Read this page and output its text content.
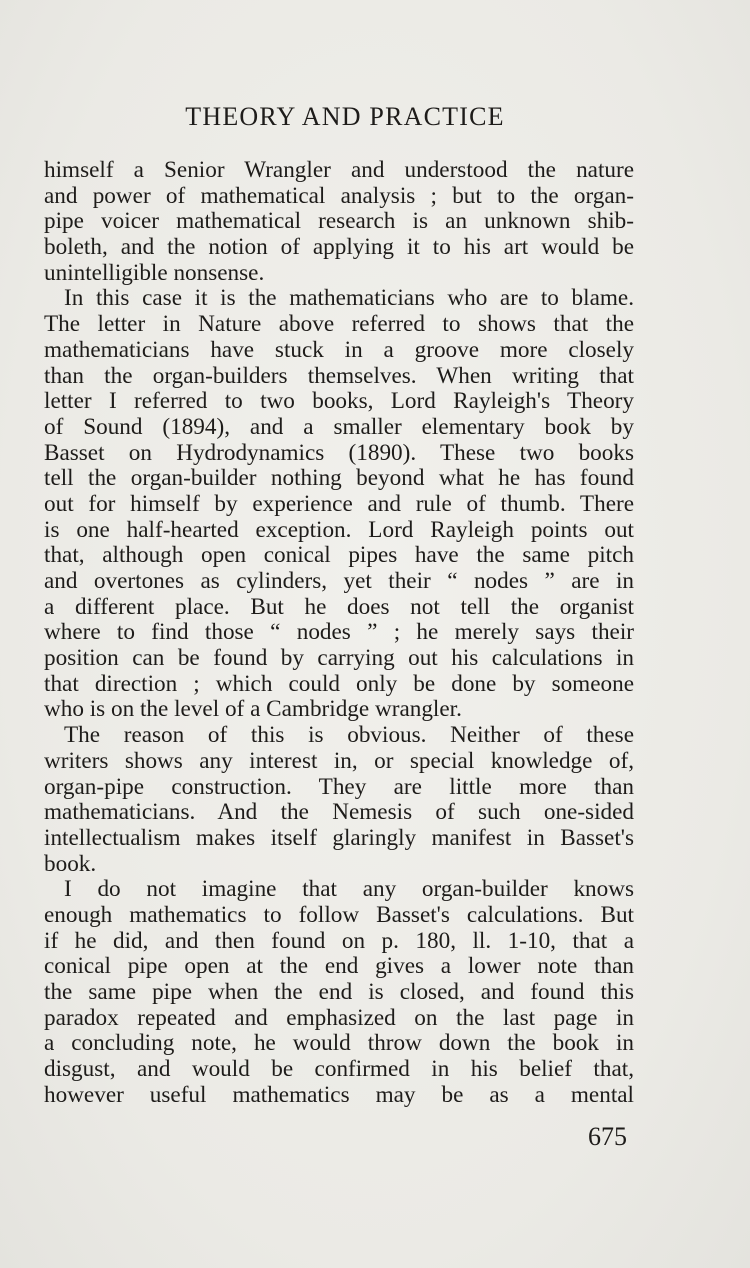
THEORY AND PRACTICE
himself a Senior Wrangler and understood the nature
and power of mathematical analysis ; but to the organ-
pipe voicer mathematical research is an unknown shib-
boleth, and the notion of applying it to his art would be
unintelligible nonsense.
In this case it is the mathematicians who are to blame.
The letter in Nature above referred to shows that the
mathematicians have stuck in a groove more closely
than the organ-builders themselves. When writing that
letter I referred to two books, Lord Rayleigh's Theory
of Sound (1894), and a smaller elementary book by
Basset on Hydrodynamics (1890). These two books
tell the organ-builder nothing beyond what he has found
out for himself by experience and rule of thumb. There
is one half-hearted exception. Lord Rayleigh points out
that, although open conical pipes have the same pitch
and overtones as cylinders, yet their “ nodes ” are in
a different place. But he does not tell the organist
where to find those “ nodes ” ; he merely says their
position can be found by carrying out his calculations in
that direction ; which could only be done by someone
who is on the level of a Cambridge wrangler.
The reason of this is obvious. Neither of these
writers shows any interest in, or special knowledge of,
organ-pipe construction. They are little more than
mathematicians. And the Nemesis of such one-sided
intellectualism makes itself glaringly manifest in Basset's
book.
I do not imagine that any organ-builder knows
enough mathematics to follow Basset's calculations. But
if he did, and then found on p. 180, ll. 1-10, that a
conical pipe open at the end gives a lower note than
the same pipe when the end is closed, and found this
paradox repeated and emphasized on the last page in
a concluding note, he would throw down the book in
disgust, and would be confirmed in his belief that,
however useful mathematics may be as a mental
675
